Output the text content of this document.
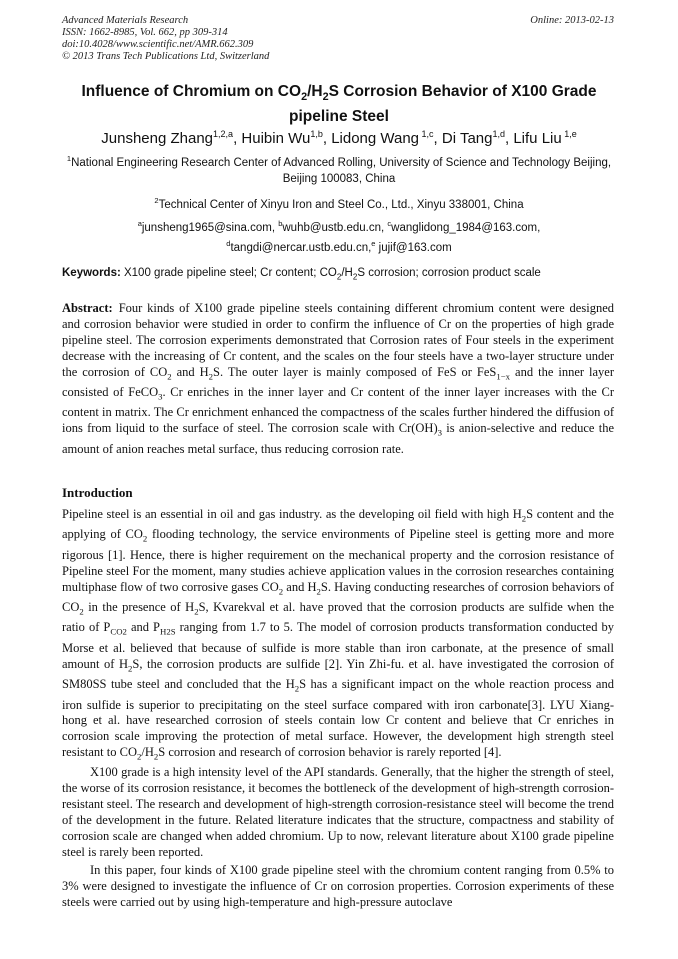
Advanced Materials Research
ISSN: 1662-8985, Vol. 662, pp 309-314
doi:10.4028/www.scientific.net/AMR.662.309
© 2013 Trans Tech Publications Ltd, Switzerland
Online: 2013-02-13
Influence of Chromium on $CO_2/H_2S$ Corrosion Behavior of X100 Grade pipeline Steel
Junsheng Zhang$^{1,2,a}$, Huibin Wu$^{1,b}$, Lidong Wang $^{1,c}$, Di Tang$^{1,d}$, Lifu Liu $^{1,e}$
$^1$National Engineering Research Center of Advanced Rolling, University of Science and Technology Beijing, Beijing 100083, China
$^2$Technical Center of Xinyu Iron and Steel Co., Ltd., Xinyu 338001, China
$^a$junsheng1965@sina.com, $^b$wuhb@ustb.edu.cn, $^c$wanglidong_1984@163.com,
$^d$tangdi@nercar.ustb.edu.cn,$^e$ jujif@163.com
Keywords: X100 grade pipeline steel; Cr content; $CO_2/H_2S$ corrosion; corrosion product scale
Abstract: Four kinds of X100 grade pipeline steels containing different chromium content were designed and corrosion behavior were studied in order to confirm the influence of Cr on the properties of high grade pipeline steel. The corrosion experiments demonstrated that Corrosion rates of Four steels in the experiment decrease with the increasing of Cr content, and the scales on the four steels have a two-layer structure under the corrosion of $CO_2$ and $H_2S$. The outer layer is mainly composed of FeS or FeS$_{1-x}$ and the inner layer consisted of FeCO$_3$. Cr enriches in the inner layer and Cr content of the inner layer increases with the Cr content in matrix. The Cr enrichment enhanced the compactness of the scales further hindered the diffusion of ions from liquid to the surface of steel. The corrosion scale with $Cr(OH)_3$ is anion-selective and reduce the amount of anion reaches metal surface, thus reducing corrosion rate.
Introduction
Pipeline steel is an essential in oil and gas industry. as the developing oil field with high $H_2S$ content and the applying of $CO_2$ flooding technology, the service environments of Pipeline steel is getting more and more rigorous [1]. Hence, there is higher requirement on the mechanical property and the corrosion resistance of Pipeline steel For the moment, many studies achieve application values in the corrosion researches containing multiphase flow of two corrosive gases $CO_2$ and $H_2S$. Having conducting researches of corrosion behaviors of $CO_2$ in the presence of $H_2S$, Kvarekval et al. have proved that the corrosion products are sulfide when the ratio of $P_{CO2}$ and $P_{H2S}$ ranging from 1.7 to 5. The model of corrosion products transformation conducted by Morse et al. believed that because of sulfide is more stable than iron carbonate, at the presence of small amount of $H_2S$, the corrosion products are sulfide [2]. Yin Zhi-fu. et al. have investigated the corrosion of SM80SS tube steel and concluded that the $H_2S$ has a significant impact on the whole reaction process and iron sulfide is superior to precipitating on the steel surface compared with iron carbonate[3]. LYU Xiang-hong et al. have researched corrosion of steels contain low Cr content and believe that Cr enriches in corrosion scale improving the protection of metal surface. However, the development high strength steel resistant to $CO_2/H_2S$ corrosion and research of corrosion behavior is rarely reported [4].
X100 grade is a high intensity level of the API standards. Generally, that the higher the strength of steel, the worse of its corrosion resistance, it becomes the bottleneck of the development of high-strength corrosion-resistant steel. The research and development of high-strength corrosion-resistance steel will become the trend of the development in the future. Related literature indicates that the structure, compactness and stability of corrosion scale are changed when added chromium. Up to now, relevant literature about X100 grade pipeline steel is rarely been reported.
In this paper, four kinds of X100 grade pipeline steel with the chromium content ranging from 0.5% to 3% were designed to investigate the influence of Cr on corrosion properties. Corrosion experiments of these steels were carried out by using high-temperature and high-pressure autoclave
